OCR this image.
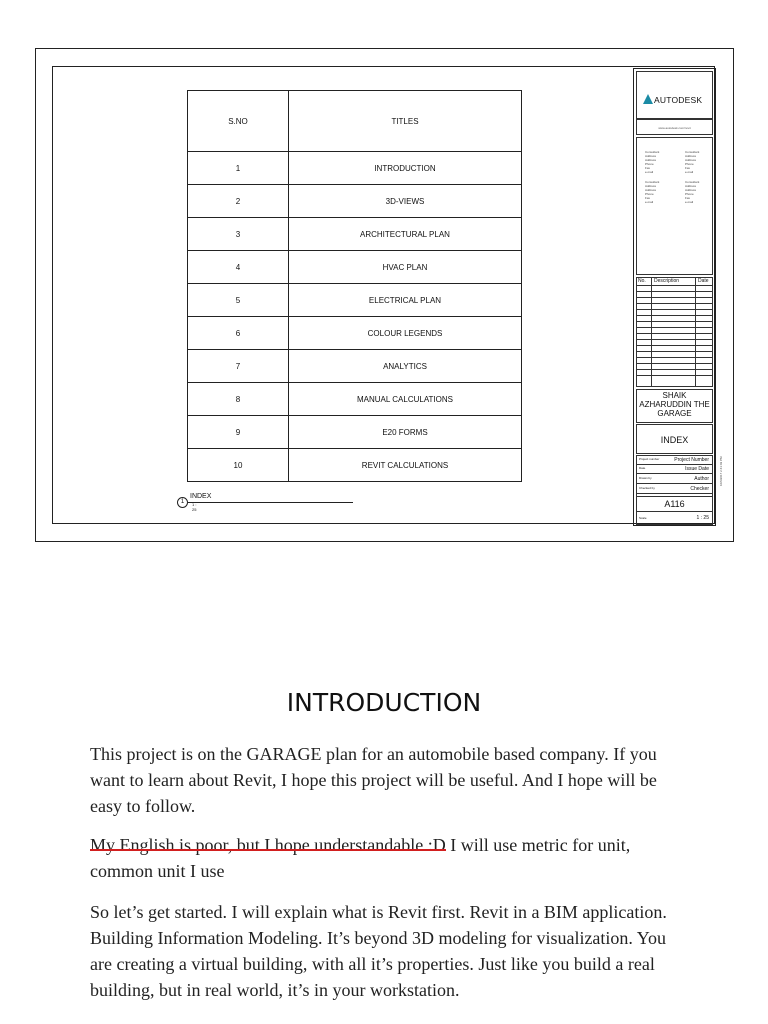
S.NO	TITLES
1	INTRODUCTION
2	3D-VIEWS
3	ARCHITECTURAL PLAN
4	HVAC PLAN
5	ELECTRICAL PLAN
6	COLOUR LEGENDS
7	ANALYTICS
8	MANUAL CALCULATIONS
9	E20 FORMS
10	REVIT CALCULATIONS
1
INDEX
1 : 25
AUTODESK
www.autodesk.com/revit
Consultant
Address
Address
Phone
Fax
e-mail
Consultant
Address
Address
Phone
Fax
e-mail
Consultant
Address
Address
Phone
Fax
e-mail
Consultant
Address
Address
Phone
Fax
e-mail
No. Description	Date
SHAIK AZHARUDDIN THE GARAGE
INDEX
Project number	Project Number
Date	Issue Date
Drawn by	Author
Checked by	Checker
A116
Scale	1 : 25
10/6/2017 2:41:49 PM
INTRODUCTION

This project is on the GARAGE plan for an automobile based company. If you want to learn about Revit, I hope this project will be useful. And I hope will be easy to follow.

My English is poor, but I hope understandable :D I will use metric for unit, common unit I use

So let’s get started. I will explain what is Revit first. Revit in a BIM application. Building Information Modeling. It’s beyond 3D modeling for visualization. You are creating a virtual building, with all it’s properties. Just like you build a real building, but in real world, it’s in your workstation.
